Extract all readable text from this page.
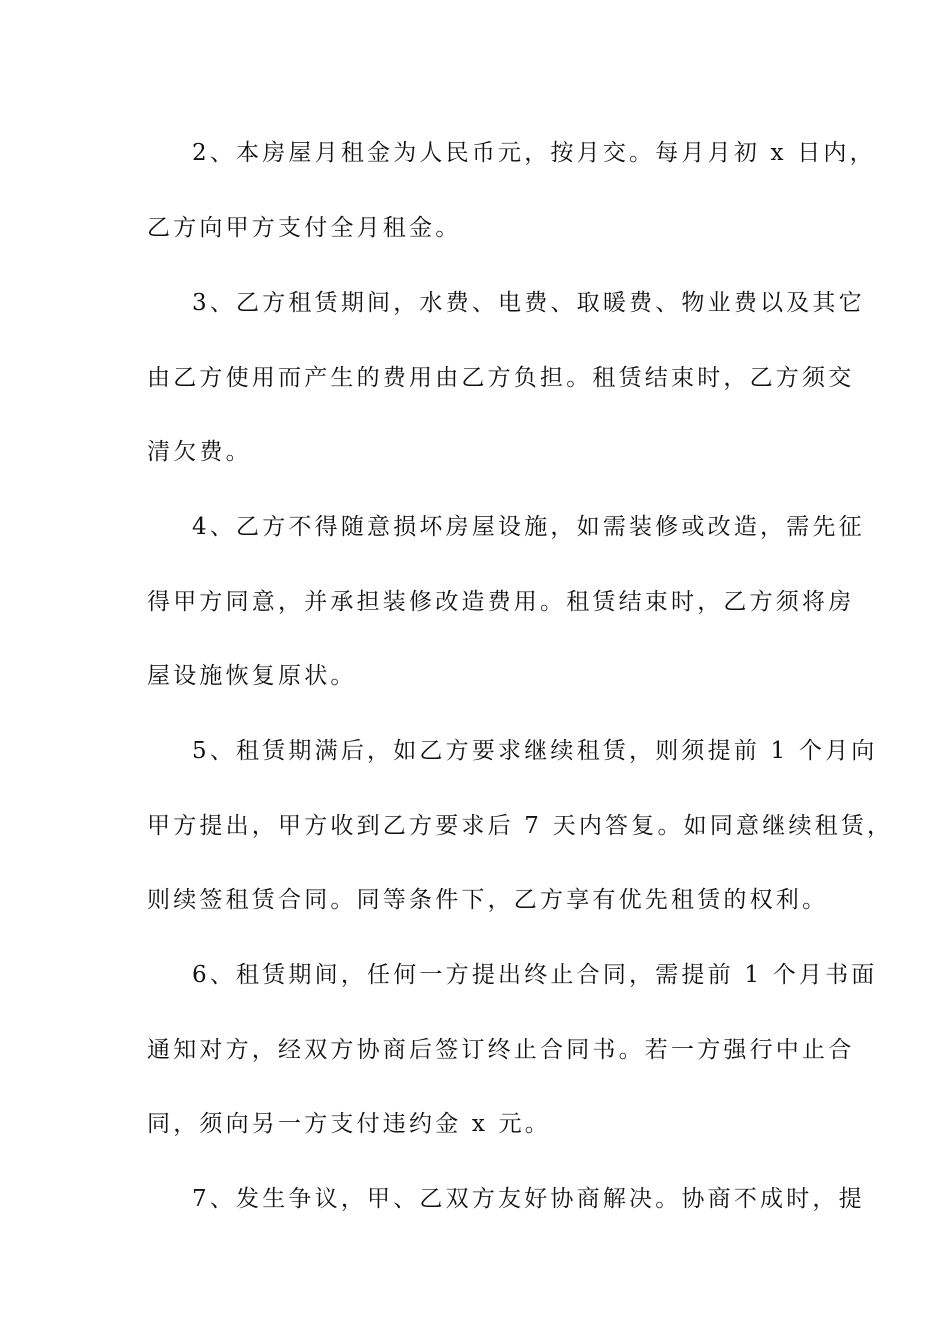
2、本房屋月租金为人民币元，按月交。每月月初 x 日内，
乙方向甲方支付全月租金。
3、乙方租赁期间，水费、电费、取暖费、物业费以及其它
由乙方使用而产生的费用由乙方负担。租赁结束时，乙方须交
清欠费。
4、乙方不得随意损坏房屋设施，如需装修或改造，需先征
得甲方同意，并承担装修改造费用。租赁结束时，乙方须将房
屋设施恢复原状。
5、租赁期满后，如乙方要求继续租赁，则须提前 1 个月向
甲方提出，甲方收到乙方要求后 7 天内答复。如同意继续租赁，
则续签租赁合同。同等条件下，乙方享有优先租赁的权利。
6、租赁期间，任何一方提出终止合同，需提前 1 个月书面
通知对方，经双方协商后签订终止合同书。若一方强行中止合
同，须向另一方支付违约金 x 元。
7、发生争议，甲、乙双方友好协商解决。协商不成时，提
